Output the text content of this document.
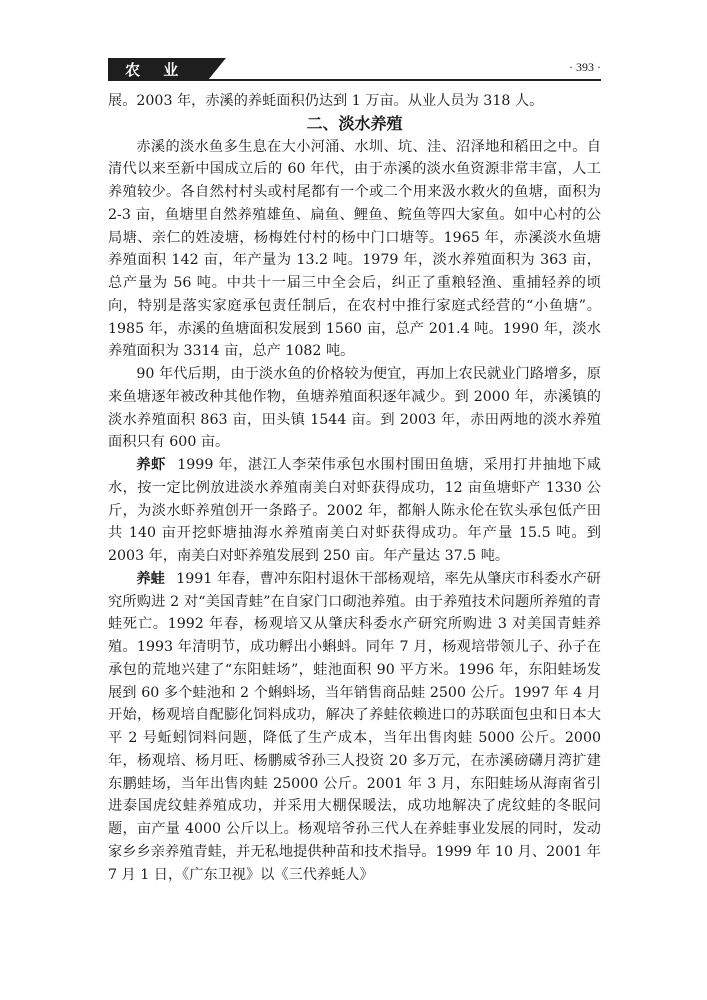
农 业	· 393 ·

展。2003 年，赤溪的养蚝面积仍达到 1 万亩。从业人员为 318 人。

二、淡水养殖

赤溪的淡水鱼多生息在大小河涌、水圳、坑、洼、沼泽地和稻田之中。自清代以来至新中国成立后的 60 年代，由于赤溪的淡水鱼资源非常丰富，人工养殖较少。各自然村村头或村尾都有一个或二个用来汲水救火的鱼塘，面积为 2-3 亩，鱼塘里自然养殖雄鱼、扁鱼、鲤鱼、鲩鱼等四大家鱼。如中心村的公局塘、亲仁的姓凌塘，杨梅姓付村的杨中门口塘等。1965 年，赤溪淡水鱼塘养殖面积 142 亩，年产量为 13.2 吨。1979 年，淡水养殖面积为 363 亩，总产量为 56 吨。中共十一届三中全会后，纠正了重粮轻渔、重捕轻养的顷向，特别是落实家庭承包责任制后，在农村中推行家庭式经营的“小鱼塘”。1985 年，赤溪的鱼塘面积发展到 1560 亩，总产 201.4 吨。1990 年，淡水养殖面积为 3314 亩，总产 1082 吨。

90 年代后期，由于淡水鱼的价格较为便宜，再加上农民就业门路增多，原来鱼塘逐年被改种其他作物，鱼塘养殖面积逐年减少。到 2000 年，赤溪镇的淡水养殖面积 863 亩，田头镇 1544 亩。到 2003 年，赤田两地的淡水养殖面积只有 600 亩。

养虾 1999 年，湛江人李荣伟承包水围村围田鱼塘，采用打井抽地下咸水，按一定比例放进淡水养殖南美白对虾获得成功，12 亩鱼塘虾产 1330 公斤，为淡水虾养殖创开一条路子。2002 年，都斛人陈永伦在钦头承包低产田共 140 亩开挖虾塘抽海水养殖南美白对虾获得成功。年产量 15.5 吨。到 2003 年，南美白对虾养殖发展到 250 亩。年产量达 37.5 吨。

养蛙 1991 年春，曹冲东阳村退休干部杨观培，率先从肇庆市科委水产研究所购进 2 对“美国青蛙”在自家门口砌池养殖。由于养殖技术问题所养殖的青蛙死亡。1992 年春，杨观培又从肇庆科委水产研究所购进 3 对美国青蛙养殖。1993 年清明节，成功孵出小蝌蚪。同年 7 月，杨观培带领儿子、孙子在承包的荒地兴建了“东阳蛙场”，蛙池面积 90 平方米。1996 年，东阳蛙场发展到 60 多个蛙池和 2 个蝌蚪场，当年销售商品蛙 2500 公斤。1997 年 4 月开始，杨观培自配膨化饲料成功，解决了养蛙依赖进口的苏联面包虫和日本大平 2 号蚯蚓饲料问题，降低了生产成本，当年出售肉蛙 5000 公斤。2000 年，杨观培、杨月旺、杨鹏威爷孙三人投资 20 多万元，在赤溪磅礴月湾扩建东鹏蛙场，当年出售肉蛙 25000 公斤。2001 年 3 月，东阳蛙场从海南省引进泰国虎纹蛙养殖成功，并采用大棚保暖法，成功地解决了虎纹蛙的冬眠问题，亩产量 4000 公斤以上。杨观培爷孙三代人在养蛙事业发展的同时，发动家乡乡亲养殖青蛙，并无私地提供种苗和技术指导。1999 年 10 月、2001 年 7 月 1 日，《广东卫视》以《三代养蚝人》
